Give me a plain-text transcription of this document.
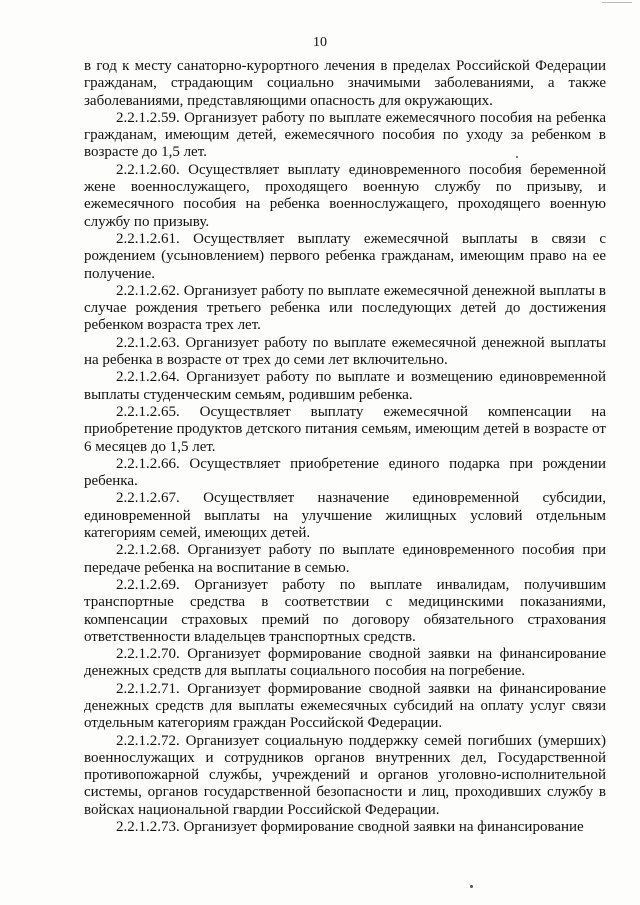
10

в год к месту санаторно-курортного лечения в пределах Российской Федерации гражданам, страдающим социально значимыми заболеваниями, а также заболеваниями, представляющими опасность для окружающих.

2.2.1.2.59. Организует работу по выплате ежемесячного пособия на ребенка гражданам, имеющим детей, ежемесячного пособия по уходу за ребенком в возрасте до 1,5 лет.

2.2.1.2.60. Осуществляет выплату единовременного пособия беременной жене военнослужащего, проходящего военную службу по призыву, и ежемесячного пособия на ребенка военнослужащего, проходящего военную службу по призыву.

2.2.1.2.61. Осуществляет выплату ежемесячной выплаты в связи с рождением (усыновлением) первого ребенка гражданам, имеющим право на ее получение.

2.2.1.2.62. Организует работу по выплате ежемесячной денежной выплаты в случае рождения третьего ребенка или последующих детей до достижения ребенком возраста трех лет.

2.2.1.2.63. Организует работу по выплате ежемесячной денежной выплаты на ребенка в возрасте от трех до семи лет включительно.

2.2.1.2.64. Организует работу по выплате и возмещению единовременной выплаты студенческим семьям, родившим ребенка.

2.2.1.2.65. Осуществляет выплату ежемесячной компенсации на приобретение продуктов детского питания семьям, имеющим детей в возрасте от 6 месяцев до 1,5 лет.

2.2.1.2.66. Осуществляет приобретение единого подарка при рождении ребенка.

2.2.1.2.67. Осуществляет назначение единовременной субсидии, единовременной выплаты на улучшение жилищных условий отдельным категориям семей, имеющих детей.

2.2.1.2.68. Организует работу по выплате единовременного пособия при передаче ребенка на воспитание в семью.

2.2.1.2.69. Организует работу по выплате инвалидам, получившим транспортные средства в соответствии с медицинскими показаниями, компенсации страховых премий по договору обязательного страхования ответственности владельцев транспортных средств.

2.2.1.2.70. Организует формирование сводной заявки на финансирование денежных средств для выплаты социального пособия на погребение.

2.2.1.2.71. Организует формирование сводной заявки на финансирование денежных средств для выплаты ежемесячных субсидий на оплату услуг связи отдельным категориям граждан Российской Федерации.

2.2.1.2.72. Организует социальную поддержку семей погибших (умерших) военнослужащих и сотрудников органов внутренних дел, Государственной противопожарной службы, учреждений и органов уголовно-исполнительной системы, органов государственной безопасности и лиц, проходивших службу в войсках национальной гвардии Российской Федерации.

2.2.1.2.73. Организует формирование сводной заявки на финансирование
